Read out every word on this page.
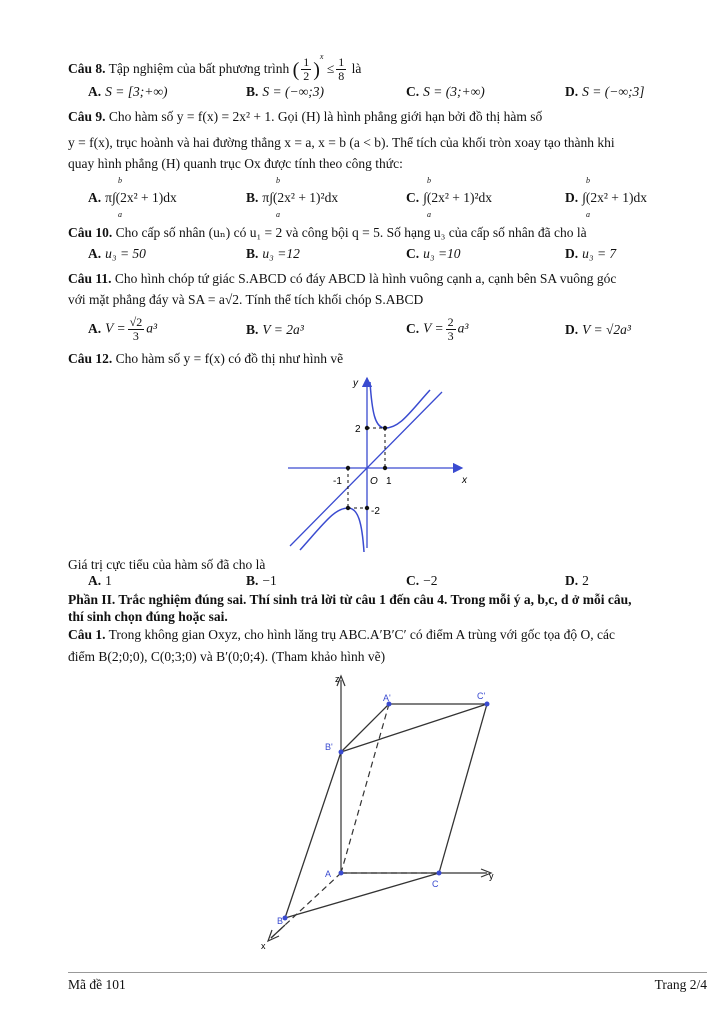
Câu 8. Tập nghiệm của bất phương trình ( $\frac{1}{2} )^x \le \frac{1}{8}$ là
A. S = [3;+∞)	B. S = (−∞;3)	C. S = (3;+∞)	D. S = (−∞;3]
Câu 9. Cho hàm số y = f(x) = 2x² + 1. Gọi (H) là hình phẳng giới hạn bởi đồ thị hàm số
y = f(x), trục hoành và hai đường thẳng x = a, x = b (a < b). Thể tích của khối tròn xoay tạo thành khi
quay hình phẳng (H) quanh trục Ox được tính theo công thức:
A. π∫(2x² + 1)dx	B. π∫(2x² + 1)²dx	C. ∫(2x² + 1)²dx	D. ∫(2x² + 1)dx
b
a
b
a
b
a
b
a
Câu 10. Cho cấp số nhân (uₙ) có u₁ = 2 và công bội q = 5. Số hạng u₃ của cấp số nhân đã cho là
A. u₃ = 50	B. u₃ =12	C. u₃ =10	D. u₃ = 7
Câu 11. Cho hình chóp tứ giác S.ABCD có đáy ABCD là hình vuông cạnh a, cạnh bên SA vuông góc
với mặt phẳng đáy và SA = a√2. Tính thể tích khối chóp S.ABCD
A. $V = \frac{√2}{3} a^3$	B. V = 2a³	C. $V = \frac{2}{3} a^3$	D. V = √2a³
Câu 12. Cho hàm số y = f(x) có đồ thị như hình vẽ
y
x
O 1
-1
2
-2
Giá trị cực tiểu của hàm số đã cho là
A. 1	B. −1	C. −2	D. 2
Phần II. Trắc nghiệm đúng sai. Thí sinh trả lời từ câu 1 đến câu 4. Trong mỗi ý a, b,c, d ở mỗi câu,
thí sinh chọn đúng hoặc sai.
Câu 1. Trong không gian Oxyz, cho hình lăng trụ ABC.A′B′C′ có điểm A trùng với gốc tọa độ O, các
điểm B(2;0;0), C(0;3;0) và B′(0;0;4). (Tham khảo hình vẽ)
z
y
x
A
B
C
A'
B'
C'
Mã đề 101	Trang 2/4
